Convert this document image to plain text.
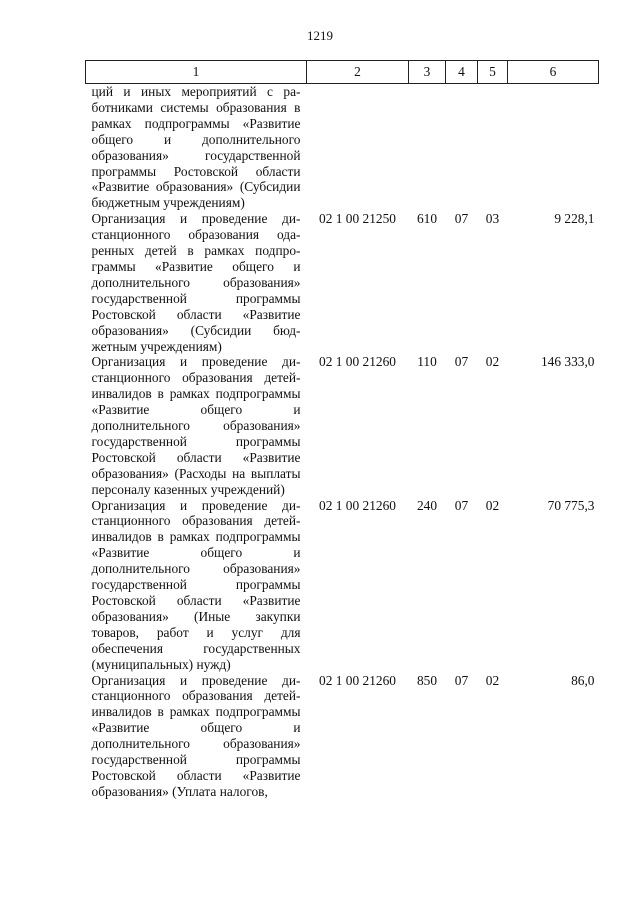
1219
1	2	3	4	5	6
ций и иных мероприятий с работниками системы образования в рамках подпрограммы «Развитие общего и дополнительного образования» государственной программы Ростовской области «Развитие образования» (Субсидии бюджетным учреждениям)					
Организация и проведение дистанционного образования одаренных детей в рамках подпрограммы «Развитие общего и дополнительного образования» государственной программы Ростовской области «Развитие образования» (Субсидии бюджетным учреждениям)	02 1 00 21250	610	07	03	9 228,1
Организация и проведение дистанционного образования детей-инвалидов в рамках подпрограммы «Развитие общего и дополнительного образования» государственной программы Ростовской области «Развитие образования» (Расходы на выплаты персоналу казенных учреждений)	02 1 00 21260	110	07	02	146 333,0
Организация и проведение дистанционного образования детей-инвалидов в рамках подпрограммы «Развитие общего и дополнительного образования» государственной программы Ростовской области «Развитие образования» (Иные закупки товаров, работ и услуг для обеспечения государственных (муниципальных) нужд)	02 1 00 21260	240	07	02	70 775,3
Организация и проведение дистанционного образования детей-инвалидов в рамках подпрограммы «Развитие общего и дополнительного образования» государственной программы Ростовской области «Развитие образования» (Уплата налогов,	02 1 00 21260	850	07	02	86,0
